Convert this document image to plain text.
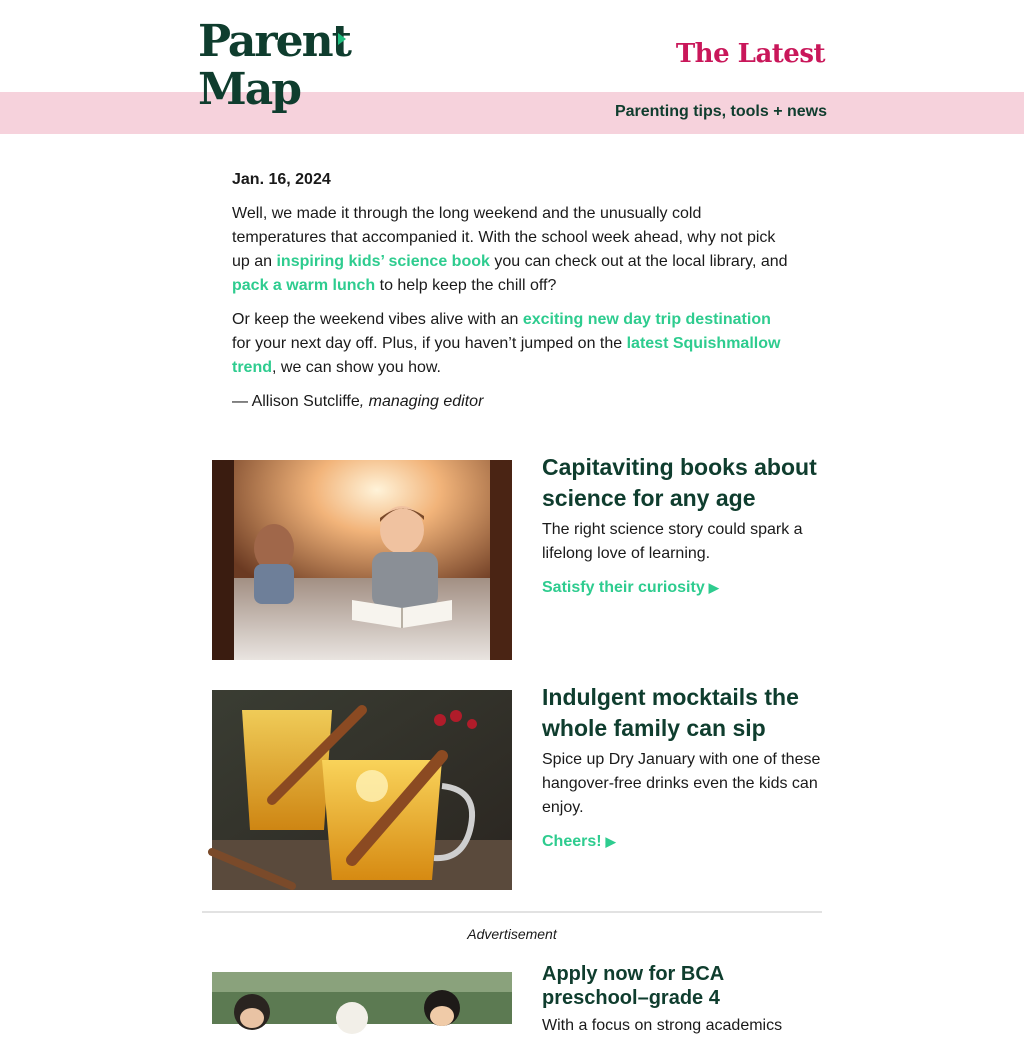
Parent
Map
The Latest
Parenting tips, tools + news
Jan. 16, 2024

Well, we made it through the long weekend and the unusually cold temperatures that accompanied it. With the school week ahead, why not pick up an inspiring kids’ science book you can check out at the local library, and pack a warm lunch to help keep the chill off?

Or keep the weekend vibes alive with an exciting new day trip destination for your next day off. Plus, if you haven’t jumped on the latest Squishmallow trend, we can show you how.

— Allison Sutcliffe, managing editor

Capitaviting books about science for any age
The right science story could spark a lifelong love of learning.
Satisfy their curiosity ▶
Indulgent mocktails the whole family can sip
Spice up Dry January with one of these hangover-free drinks even the kids can enjoy.
Cheers! ▶
Advertisement
Apply now for BCA preschool–grade 4
With a focus on strong academics
